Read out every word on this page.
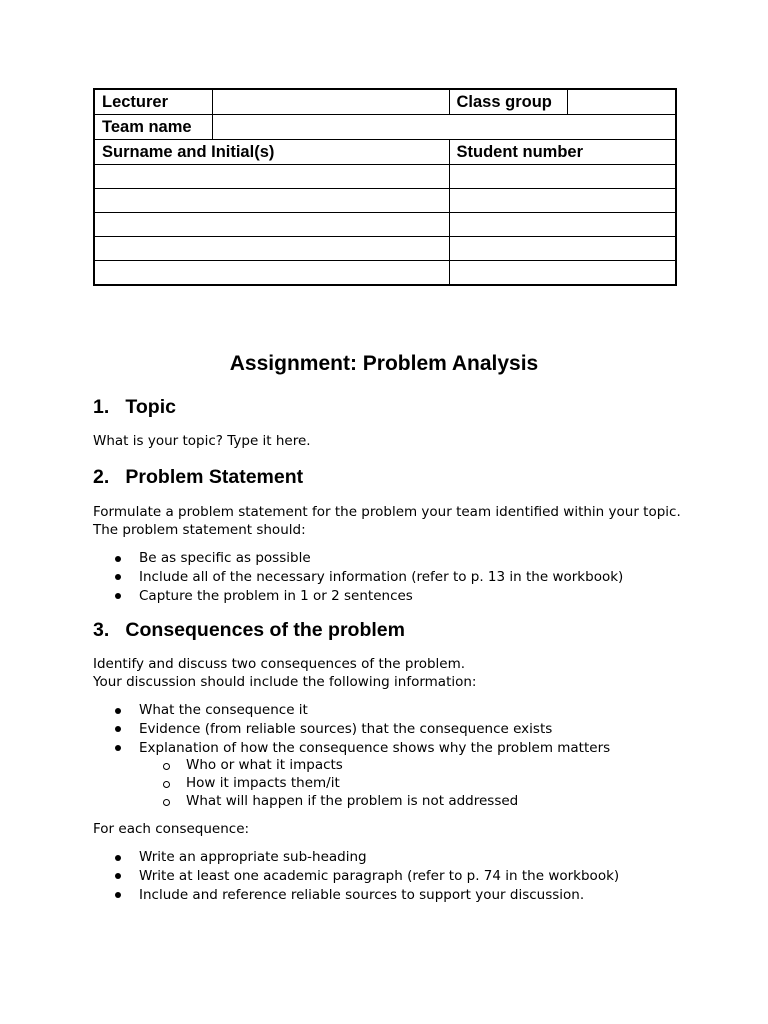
Lecturer		Class group	
Team name			
Surname and Initial(s)		Student number	

Assignment: Problem Analysis
1. Topic

What is your topic? Type it here.

2. Problem Statement

Formulate a problem statement for the problem your team identified within your topic.
The problem statement should:

Be as specific as possible
Include all of the necessary information (refer to p. 13 in the workbook)
Capture the problem in 1 or 2 sentences
3. Consequences of the problem

Identify and discuss two consequences of the problem.
Your discussion should include the following information:

What the consequence it
Evidence (from reliable sources) that the consequence exists
Explanation of how the consequence shows why the problem matters
Who or what it impacts
How it impacts them/it
What will happen if the problem is not addressed

For each consequence:

Write an appropriate sub-heading
Write at least one academic paragraph (refer to p. 74 in the workbook)
Include and reference reliable sources to support your discussion.
